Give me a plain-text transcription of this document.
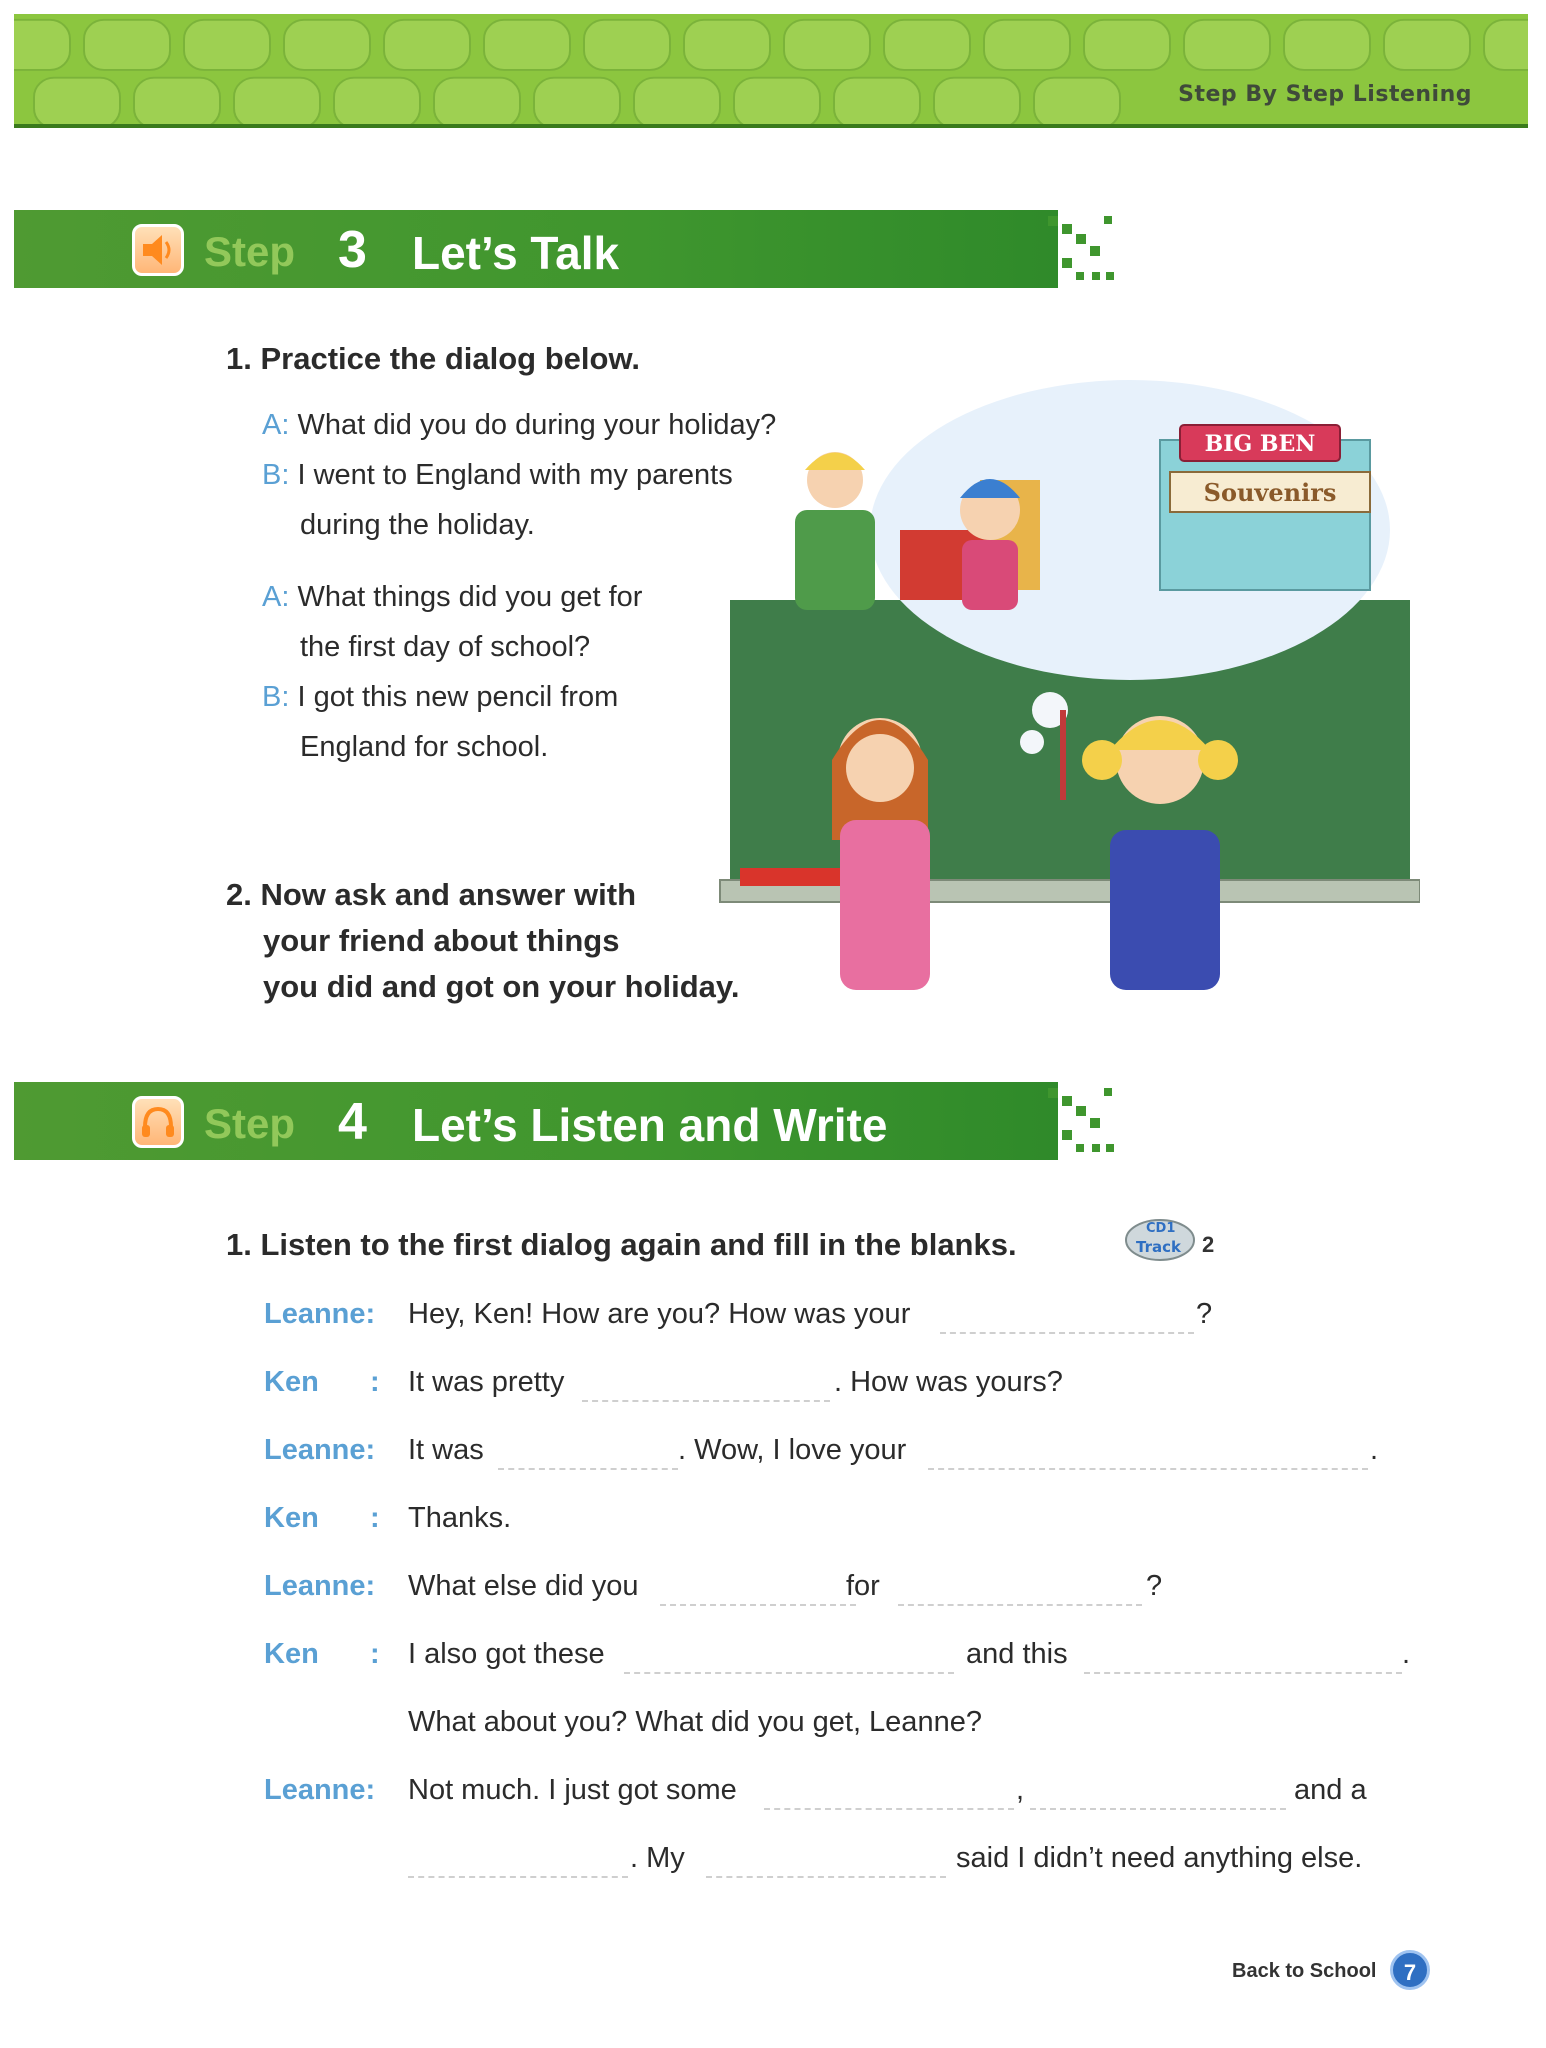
Step By Step Listening
Step 3 Let’s Talk
1. Practice the dialog below.
A: What did you do during your holiday?
B: I went to England with my parents
during the holiday.
A: What things did you get for
the first day of school?
B: I got this new pencil from
England for school.
2. Now ask and answer with
your friend about things
you did and got on your holiday.
BIG BEN
Souvenirs
Step 4 Let’s Listen and Write
1. Listen to the first dialog again and fill in the blanks.	CD1
Track 2
Leanne: Hey, Ken! How are you? How was your	?
Ken : It was pretty	. How was yours?
Leanne: It was	. Wow, I love your	.
Ken : Thanks.
Leanne: What else did you	for	?
Ken : I also got these	and this	.
What about you? What did you get, Leanne?
Leanne: Not much. I just got some	,	and a
. My	said I didn’t need anything else.
Back to School	7
